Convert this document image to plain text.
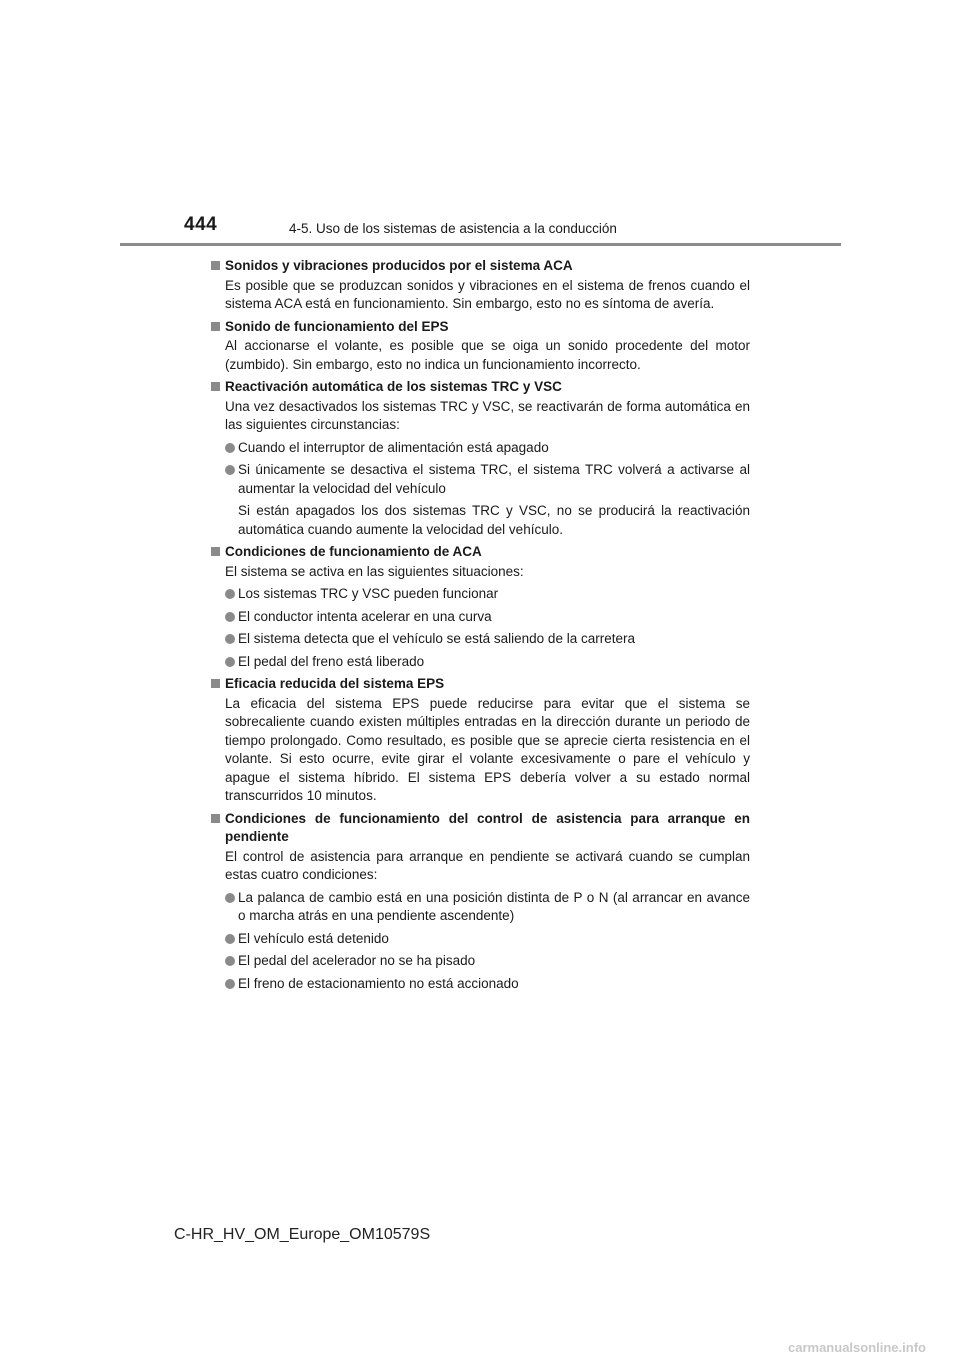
444	4-5. Uso de los sistemas de asistencia a la conducción
Sonidos y vibraciones producidos por el sistema ACA
Es posible que se produzcan sonidos y vibraciones en el sistema de frenos cuando el sistema ACA está en funcionamiento. Sin embargo, esto no es síntoma de avería.
Sonido de funcionamiento del EPS
Al accionarse el volante, es posible que se oiga un sonido procedente del motor (zumbido). Sin embargo, esto no indica un funcionamiento incorrecto.
Reactivación automática de los sistemas TRC y VSC
Una vez desactivados los sistemas TRC y VSC, se reactivarán de forma automática en las siguientes circunstancias:
Cuando el interruptor de alimentación está apagado
Si únicamente se desactiva el sistema TRC, el sistema TRC volverá a activarse al aumentar la velocidad del vehículo
Si están apagados los dos sistemas TRC y VSC, no se producirá la reactivación automática cuando aumente la velocidad del vehículo.
Condiciones de funcionamiento de ACA
El sistema se activa en las siguientes situaciones:
Los sistemas TRC y VSC pueden funcionar
El conductor intenta acelerar en una curva
El sistema detecta que el vehículo se está saliendo de la carretera
El pedal del freno está liberado
Eficacia reducida del sistema EPS
La eficacia del sistema EPS puede reducirse para evitar que el sistema se sobrecaliente cuando existen múltiples entradas en la dirección durante un periodo de tiempo prolongado. Como resultado, es posible que se aprecie cierta resistencia en el volante. Si esto ocurre, evite girar el volante excesivamente o pare el vehículo y apague el sistema híbrido. El sistema EPS debería volver a su estado normal transcurridos 10 minutos.
Condiciones de funcionamiento del control de asistencia para arranque en pendiente
El control de asistencia para arranque en pendiente se activará cuando se cumplan estas cuatro condiciones:
La palanca de cambio está en una posición distinta de P o N (al arrancar en avance o marcha atrás en una pendiente ascendente)
El vehículo está detenido
El pedal del acelerador no se ha pisado
El freno de estacionamiento no está accionado
C-HR_HV_OM_Europe_OM10579S
carmanualsonline.info
